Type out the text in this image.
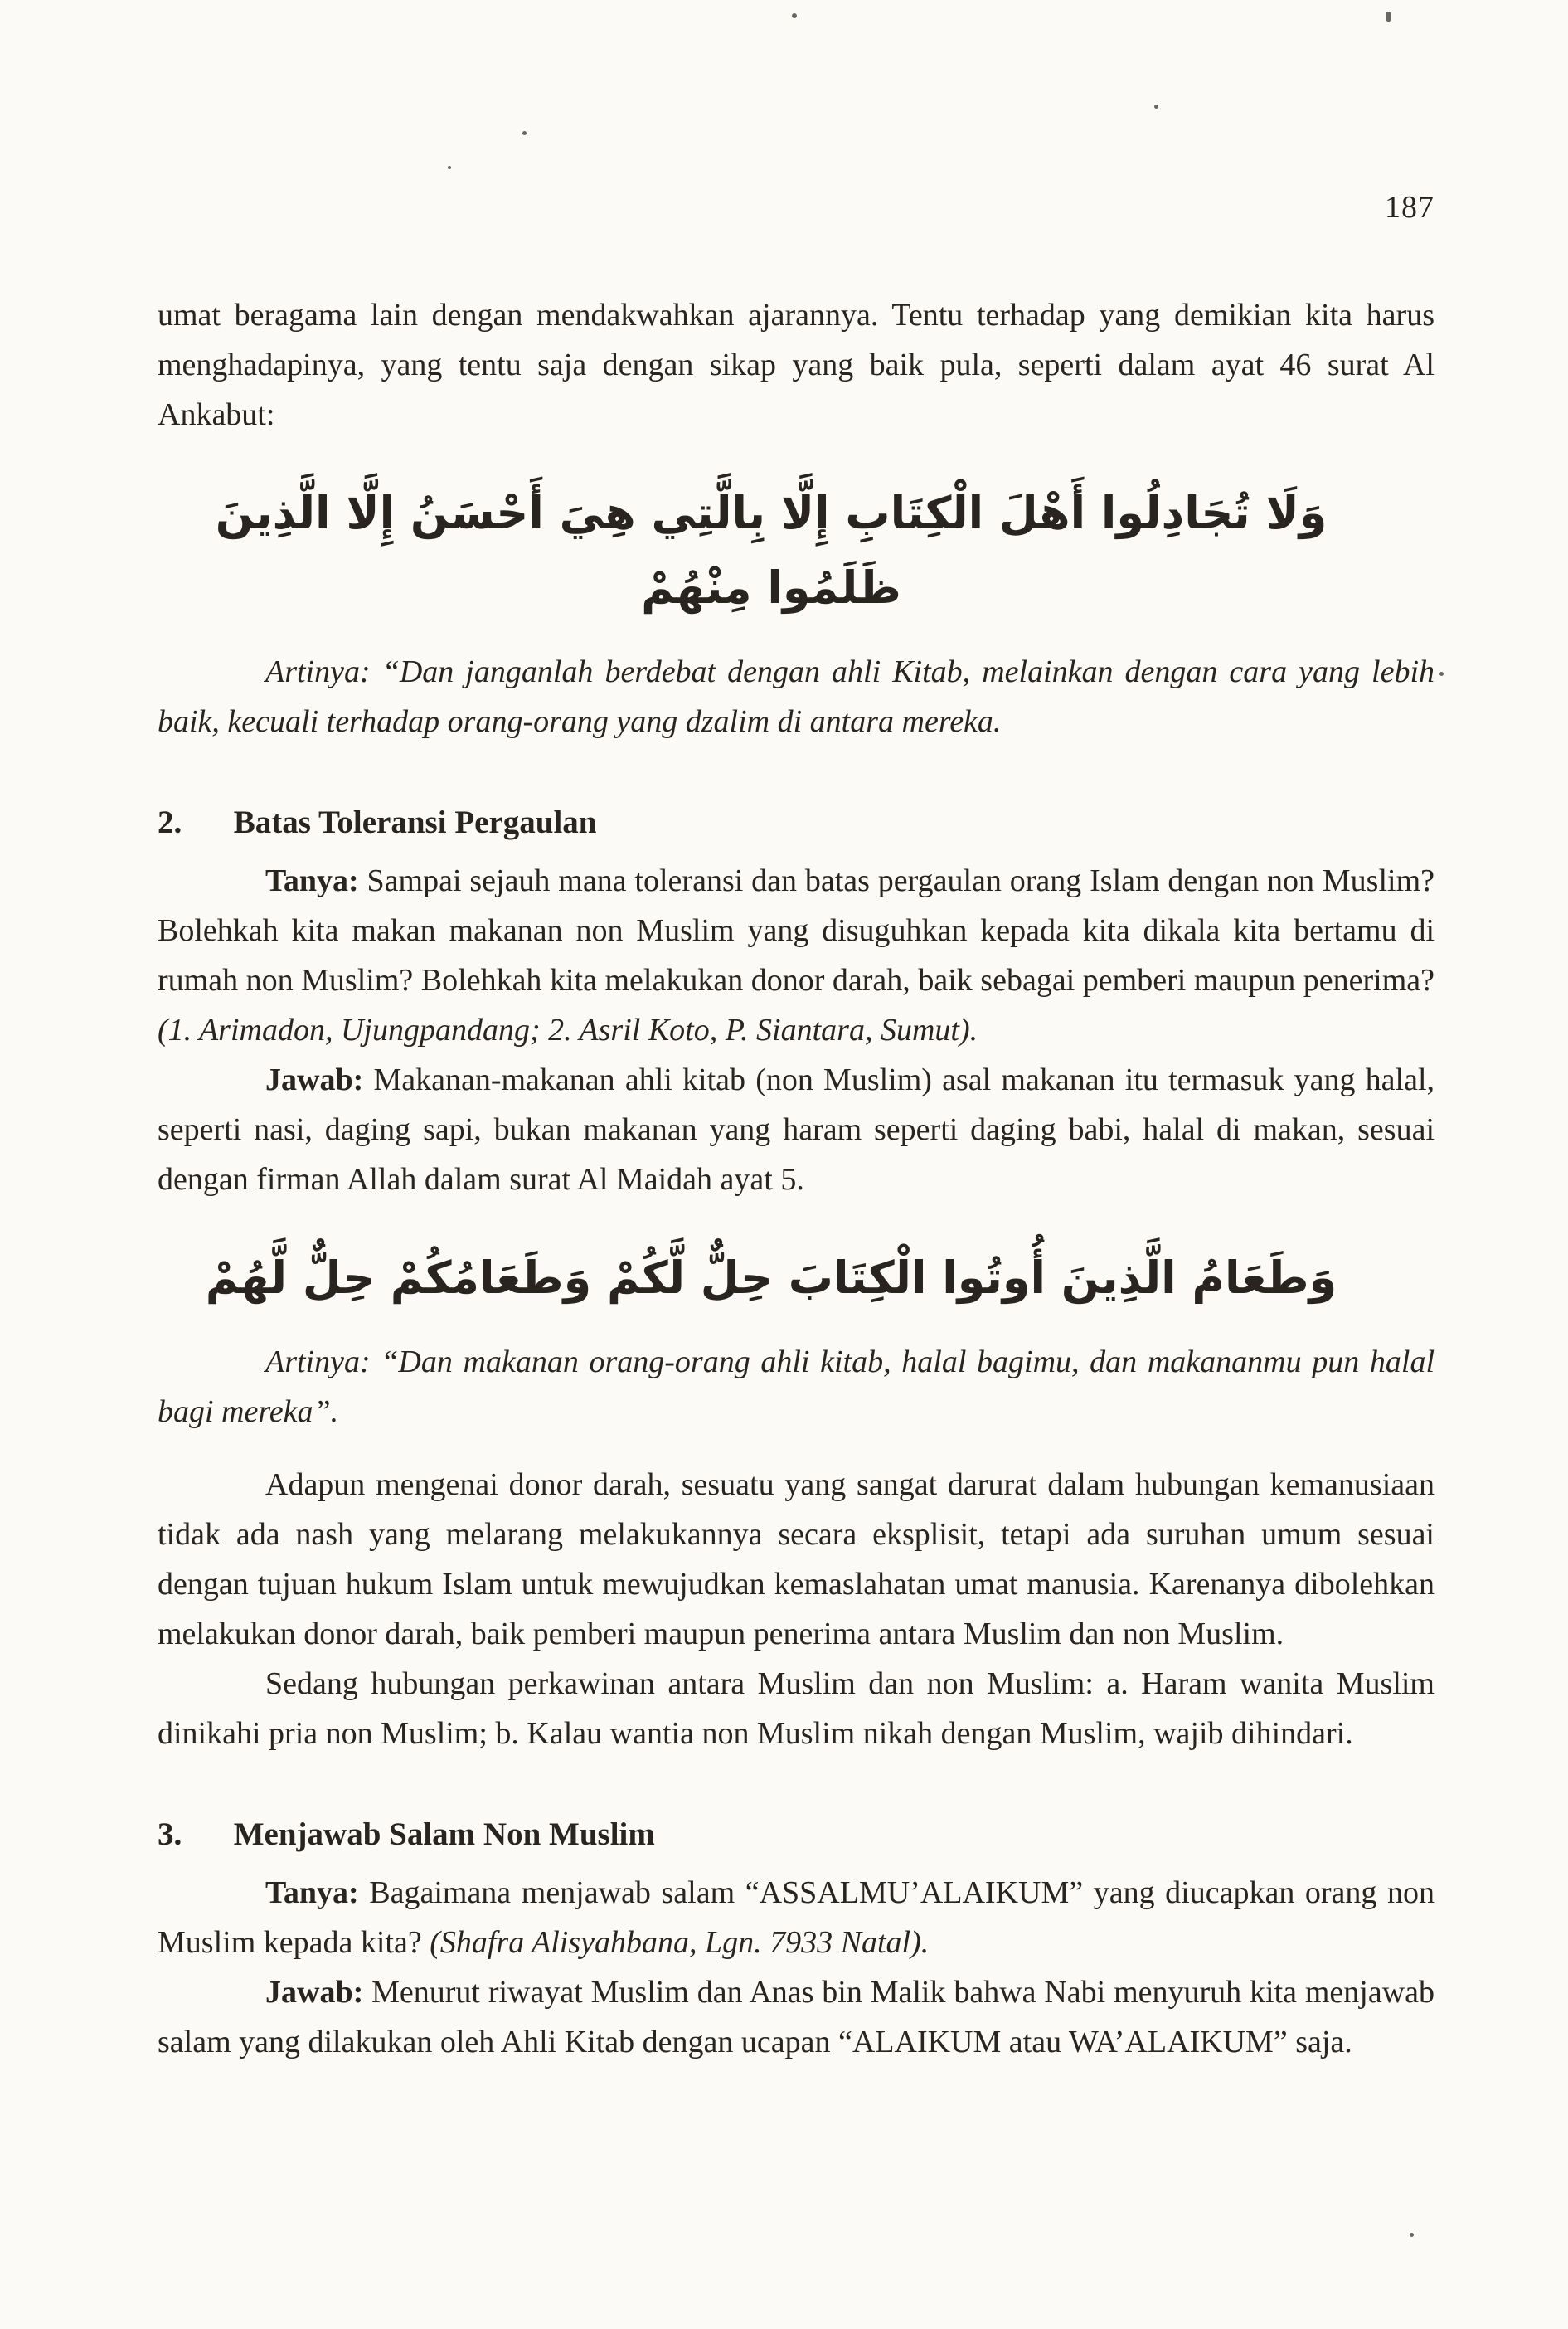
187

umat beragama lain dengan mendakwahkan ajarannya. Tentu terhadap yang demikian kita harus menghadapinya, yang tentu saja dengan sikap yang baik pula, seperti dalam ayat 46 surat Al Ankabut:

وَلَا تُجَادِلُوا أَهْلَ الْكِتَابِ إِلَّا بِالَّتِي هِيَ أَحْسَنُ إِلَّا الَّذِينَ ظَلَمُوا مِنْهُمْ

Artinya: “Dan janganlah berdebat dengan ahli Kitab, melainkan dengan cara yang lebih baik, kecuali terhadap orang-orang yang dzalim di antara mereka.

2. Batas Toleransi Pergaulan

Tanya: Sampai sejauh mana toleransi dan batas pergaulan orang Islam dengan non Muslim? Bolehkah kita makan makanan non Muslim yang disuguhkan kepada kita dikala kita bertamu di rumah non Muslim? Bolehkah kita melakukan donor darah, baik sebagai pemberi maupun penerima? (1. Arimadon, Ujungpandang; 2. Asril Koto, P. Siantara, Sumut).

Jawab: Makanan-makanan ahli kitab (non Muslim) asal makanan itu termasuk yang halal, seperti nasi, daging sapi, bukan makanan yang haram seperti daging babi, halal di makan, sesuai dengan firman Allah dalam surat Al Maidah ayat 5.

وَطَعَامُ الَّذِينَ أُوتُوا الْكِتَابَ حِلٌّ لَّكُمْ وَطَعَامُكُمْ حِلٌّ لَّهُمْ

Artinya: “Dan makanan orang-orang ahli kitab, halal bagimu, dan makananmu pun halal bagi mereka”.

Adapun mengenai donor darah, sesuatu yang sangat darurat dalam hubungan kemanusiaan tidak ada nash yang melarang melakukannya secara eksplisit, tetapi ada suruhan umum sesuai dengan tujuan hukum Islam untuk mewujudkan kemaslahatan umat manusia. Karenanya dibolehkan melakukan donor darah, baik pemberi maupun penerima antara Muslim dan non Muslim.

Sedang hubungan perkawinan antara Muslim dan non Muslim: a. Haram wanita Muslim dinikahi pria non Muslim; b. Kalau wantia non Muslim nikah dengan Muslim, wajib dihindari.

3. Menjawab Salam Non Muslim

Tanya: Bagaimana menjawab salam “ASSALMU’ALAIKUM” yang diucapkan orang non Muslim kepada kita? (Shafra Alisyahbana, Lgn. 7933 Natal).

Jawab: Menurut riwayat Muslim dan Anas bin Malik bahwa Nabi menyuruh kita menjawab salam yang dilakukan oleh Ahli Kitab dengan ucapan “ALAIKUM atau WA’ALAIKUM” saja.
